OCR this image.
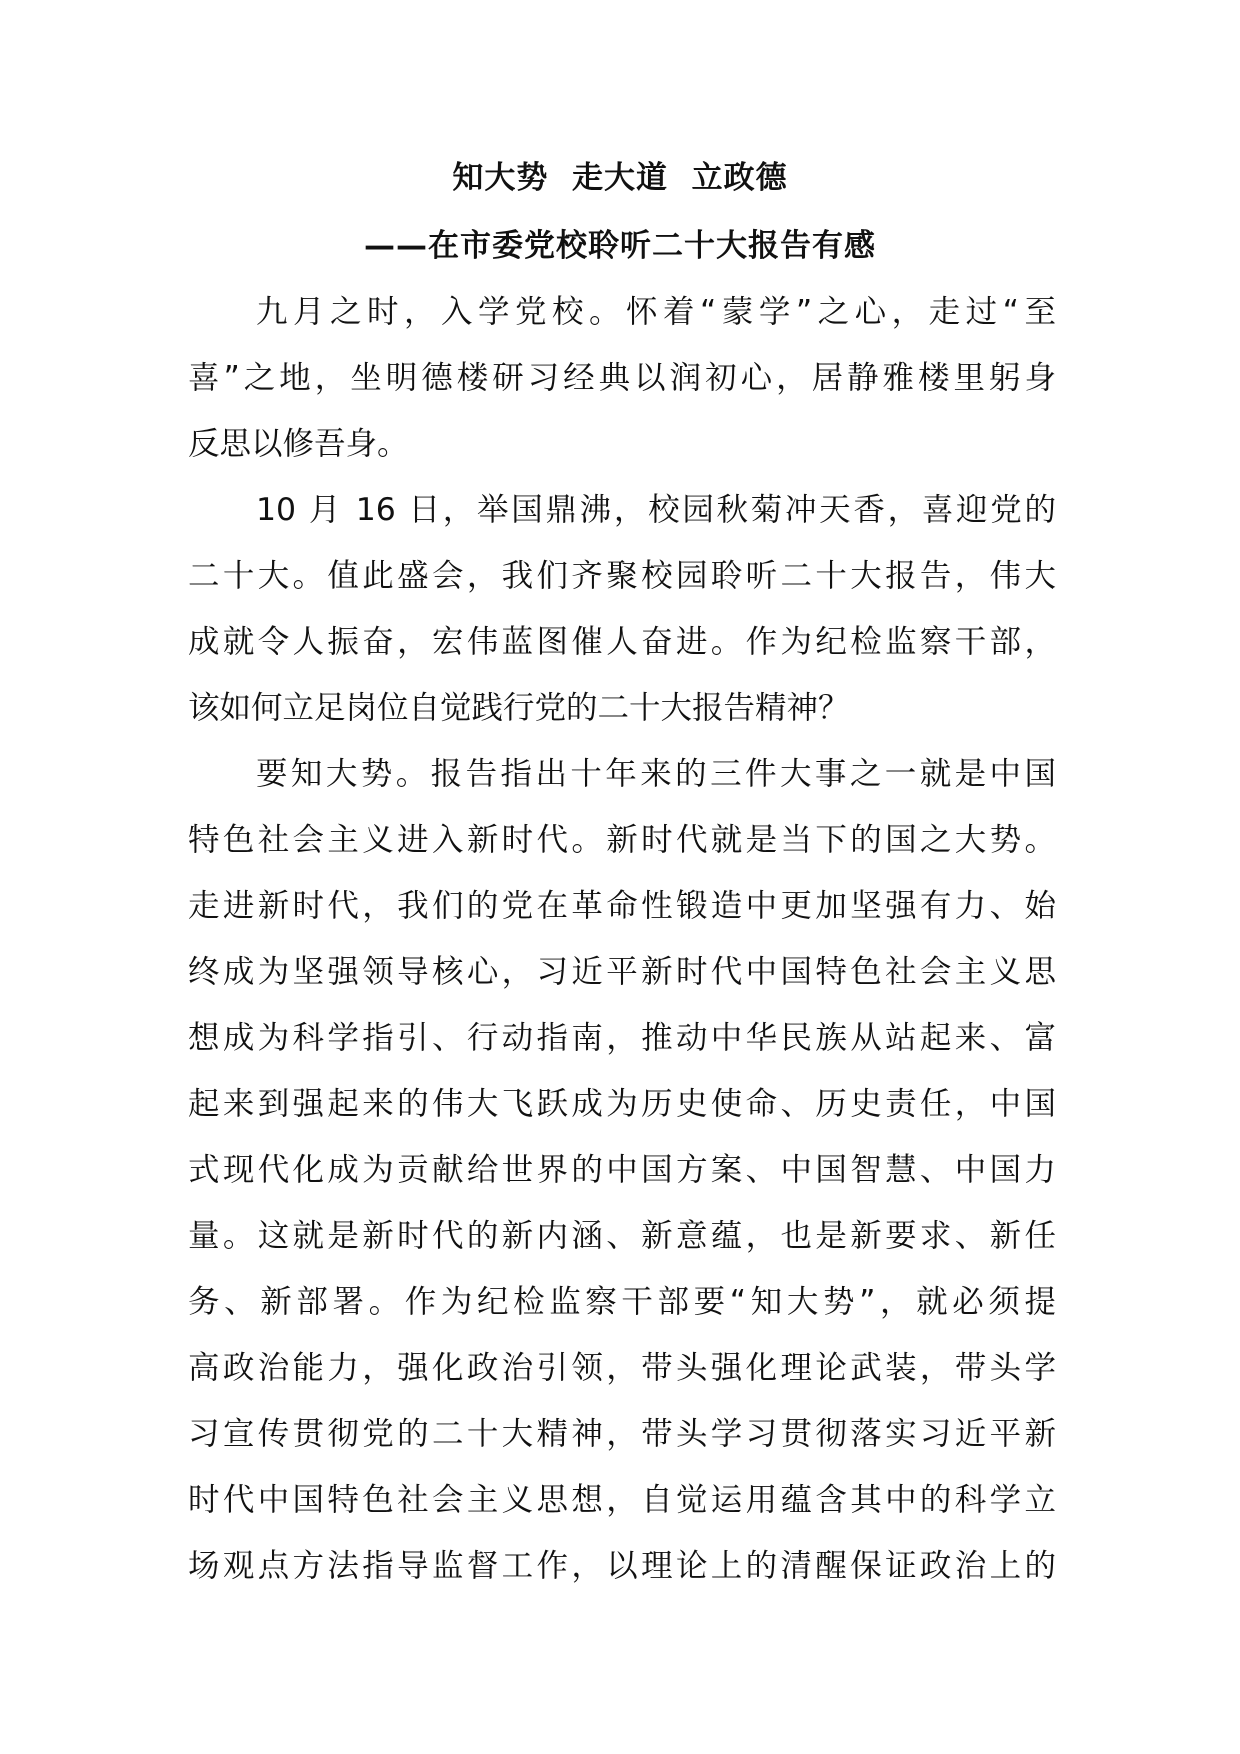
知大势  走大道  立政德
——在市委党校聆听二十大报告有感
九月之时，入学党校。怀着“蒙学”之心，走过“至
喜”之地，坐明德楼研习经典以润初心，居静雅楼里躬身
反思以修吾身。
10 月 16 日，举国鼎沸，校园秋菊冲天香，喜迎党的
二十大。值此盛会，我们齐聚校园聆听二十大报告，伟大
成就令人振奋，宏伟蓝图催人奋进。作为纪检监察干部，
该如何立足岗位自觉践行党的二十大报告精神？
要知大势。报告指出十年来的三件大事之一就是中国
特色社会主义进入新时代。新时代就是当下的国之大势。
走进新时代，我们的党在革命性锻造中更加坚强有力、始
终成为坚强领导核心，习近平新时代中国特色社会主义思
想成为科学指引、行动指南，推动中华民族从站起来、富
起来到强起来的伟大飞跃成为历史使命、历史责任，中国
式现代化成为贡献给世界的中国方案、中国智慧、中国力
量。这就是新时代的新内涵、新意蕴，也是新要求、新任
务、新部署。作为纪检监察干部要“知大势”，就必须提
高政治能力，强化政治引领，带头强化理论武装，带头学
习宣传贯彻党的二十大精神，带头学习贯彻落实习近平新
时代中国特色社会主义思想，自觉运用蕴含其中的科学立
场观点方法指导监督工作，以理论上的清醒保证政治上的
